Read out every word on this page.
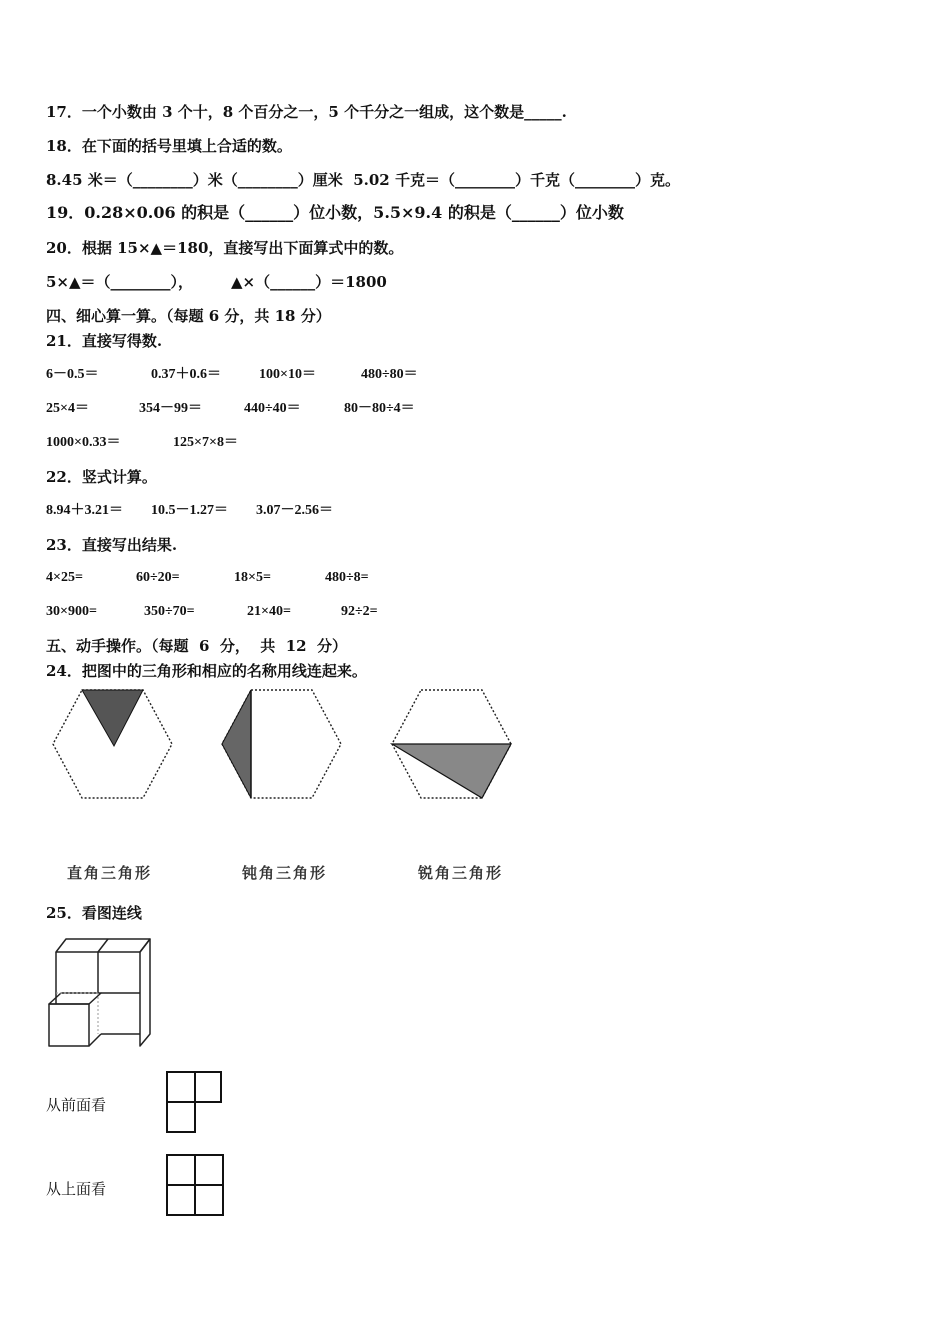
17．一个小数由 3 个十，8 个百分之一，5 个千分之一组成，这个数是_____.
18．在下面的括号里填上合适的数。
8.45 米＝（________）米（________）厘米  5.02 千克＝（________）千克（________）克。
19．0.28×0.06 的积是（______）位小数，5.5×9.4 的积是（______）位小数
20．根据 15×▲＝180，直接写出下面算式中的数。
5×▲＝（________），	▲×（______）＝1800
四、细心算一算。（每题 6 分，共 18 分）
21．直接写得数.
6－0.5＝	0.37＋0.6＝	100×10＝	480÷80＝
25×4＝	354－99＝	440÷40＝	80－80÷4＝
1000×0.33＝	125×7×8＝
22．竖式计算。
8.94＋3.21＝ 10.5－1.27＝ 3.07－2.56＝
23．直接写出结果.
4×25=	60÷20=	18×5=	480÷8=
30×900=	350÷70=	21×40=	92÷2=
五、动手操作。（每题  6  分，  共  12  分）
24．把图中的三角形和相应的名称用线连起来。
直角三角形	钝角三角形	锐角三角形
25．看图连线
从前面看
从上面看
